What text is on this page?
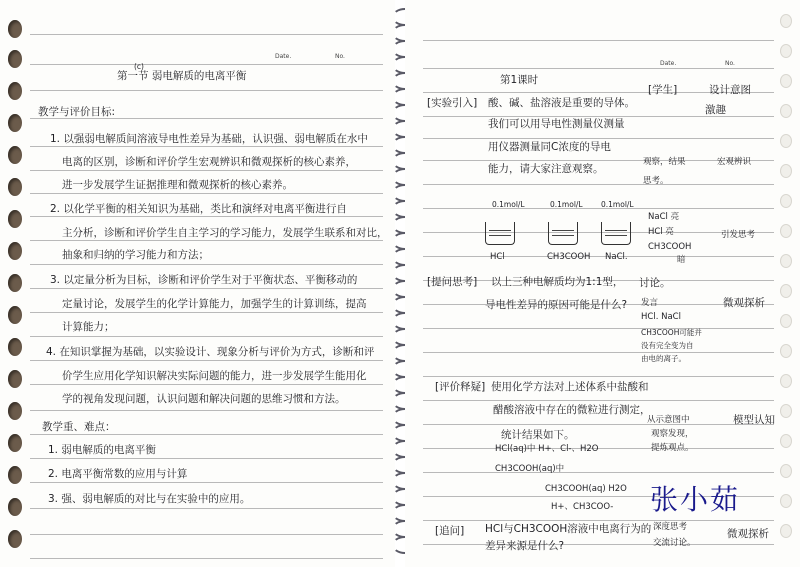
Date.	No.
第一节 弱电解质的电离平衡
(c)
教学与评价目标:
1. 以强弱电解质间溶液导电性差异为基础，认识强、弱电解质在水中
电离的区别，诊断和评价学生宏观辨识和微观探析的核心素养，
进一步发展学生证据推理和微观探析的核心素养。
2. 以化学平衡的相关知识为基础，类比和演绎对电离平衡进行自
主分析，诊断和评价学生自主学习的学习能力，发展学生联系和对比，
抽象和归纳的学习能力和方法；
3. 以定量分析为目标，诊断和评价学生对于平衡状态、平衡移动的
定量讨论，发展学生的化学计算能力，加强学生的计算训练，提高
计算能力；
4. 在知识掌握为基础，以实验设计、现象分析与评价为方式，诊断和评
价学生应用化学知识解决实际问题的能力，进一步发展学生能用化
学的视角发现问题，认识问题和解决问题的思维习惯和方法。
教学重、难点：
1. 弱电解质的电离平衡
2. 电离平衡常数的应用与计算
3. 强、弱电解质的对比与在实验中的应用。
Date.	No.
第1课时
[实验引入] 酸、碱、盐溶液是重要的导体。
我们可以用导电性测量仪测量
用仪器测量同C浓度的导电
能力，请大家注意观察。
[学生]	设计意图
激趣
观察，结果	宏观辨识
思考。
0.1mol/L	0.1mol/L 0.1mol/L
HCl	CH3COOH NaCl.
NaCl 亮
HCl 亮
CH3COOH
暗
引发思考
[提问思考] 以上三种电解质均为1:1型，
导电性差异的原因可能是什么?
讨论。
发言	微观探析
HCl. NaCl
CH3COOH可能并
没有完全变为自
由电的离子。
[评价释疑] 使用化学方法对上述体系中盐酸和
醋酸溶液中存在的微粒进行测定，
统计结果如下。
从示意图中
观察发现，
提炼观点。
模型认知
HCl(aq)中 H+、Cl-、H2O
CH3COOH(aq)中
CH3COOH(aq) H2O
H+、CH3COO-
[追问] HCl与CH3COOH溶液中电离行为的
差异来源是什么?
深度思考
交流讨论。
微观探析
张小茹
